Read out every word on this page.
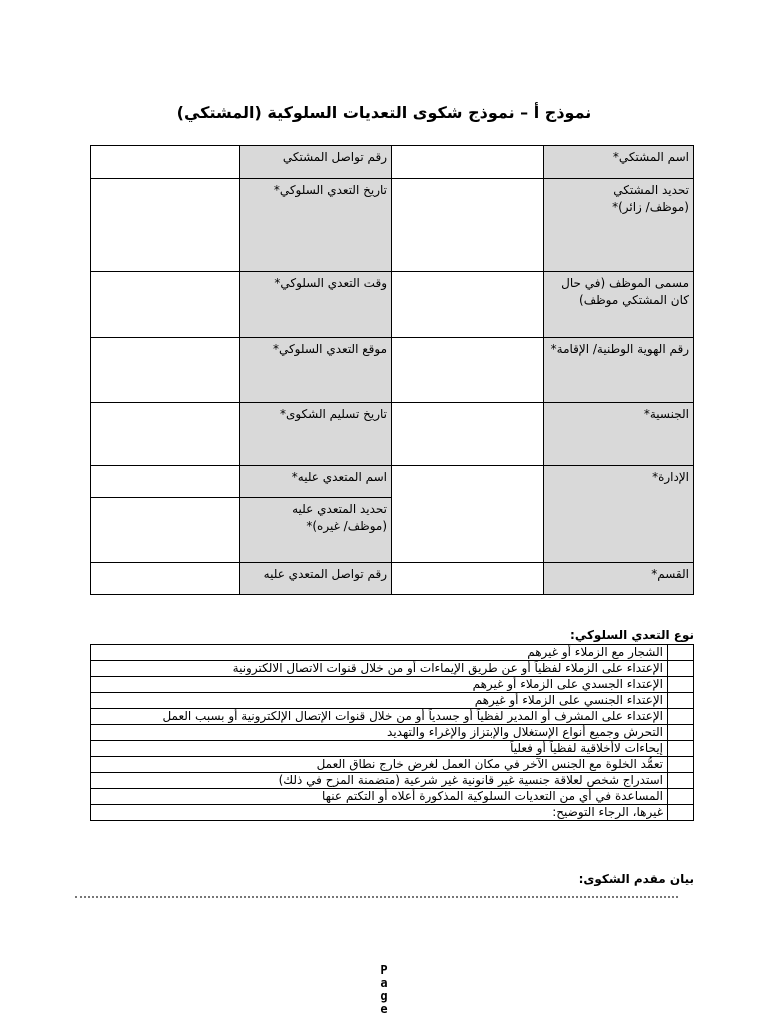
نموذج أ – نموذج شكوى التعديات السلوكية (المشتكي)
اسم المشتكي*		رقم تواصل المشتكي	
تحديد المشتكي
(موظف/ زائر)*		تاريخ التعدي السلوكي*	
مسمى الموظف (في حال
كان المشتكي موظف)		وقت التعدي السلوكي*	
رقم الهوية الوطنية/ الإقامة*		موقع التعدي السلوكي*	
الجنسية*		تاريخ تسليم الشكوى*	
الإدارة*		اسم المتعدي عليه*	
		تحديد المتعدي عليه
(موظف/ غيره)*	
القسم*		رقم تواصل المتعدي عليه	
نوع التعدي السلوكي:
	الشجار مع الزملاء أو غيرهم
	الإعتداء على الزملاء لفظياً أو عن طريق الإيماءات أو من خلال قنوات الاتصال الالكترونية
	الإعتداء الجسدي على الزملاء أو غيرهم
	الإعتداء الجنسي على الزملاء أو غيرهم
	الإعتداء على المشرف أو المدير لفظياً أو جسدياً أو من خلال قنوات الإتصال الإلكترونية أو بسبب العمل
	التحرش وجميع أنواع الإستغلال والإبتزاز والإغراء والتهديد
	إيحاءات لاأخلاقية لفظياً أو فعلياً
	تعمُّد الخلوة مع الجنس الآخر في مكان العمل لغرض خارج نطاق العمل
	استدراج شخص لعلاقة جنسية غير قانونية غير شرعية (متضمنة المزح في ذلك)
	المساعدة في أي من التعديات السلوكية المذكورة أعلاه أو التكتم عنها
	غيرها، الرجاء التوضيح:
بيان مقدم الشكوى:
P
a
g
e
